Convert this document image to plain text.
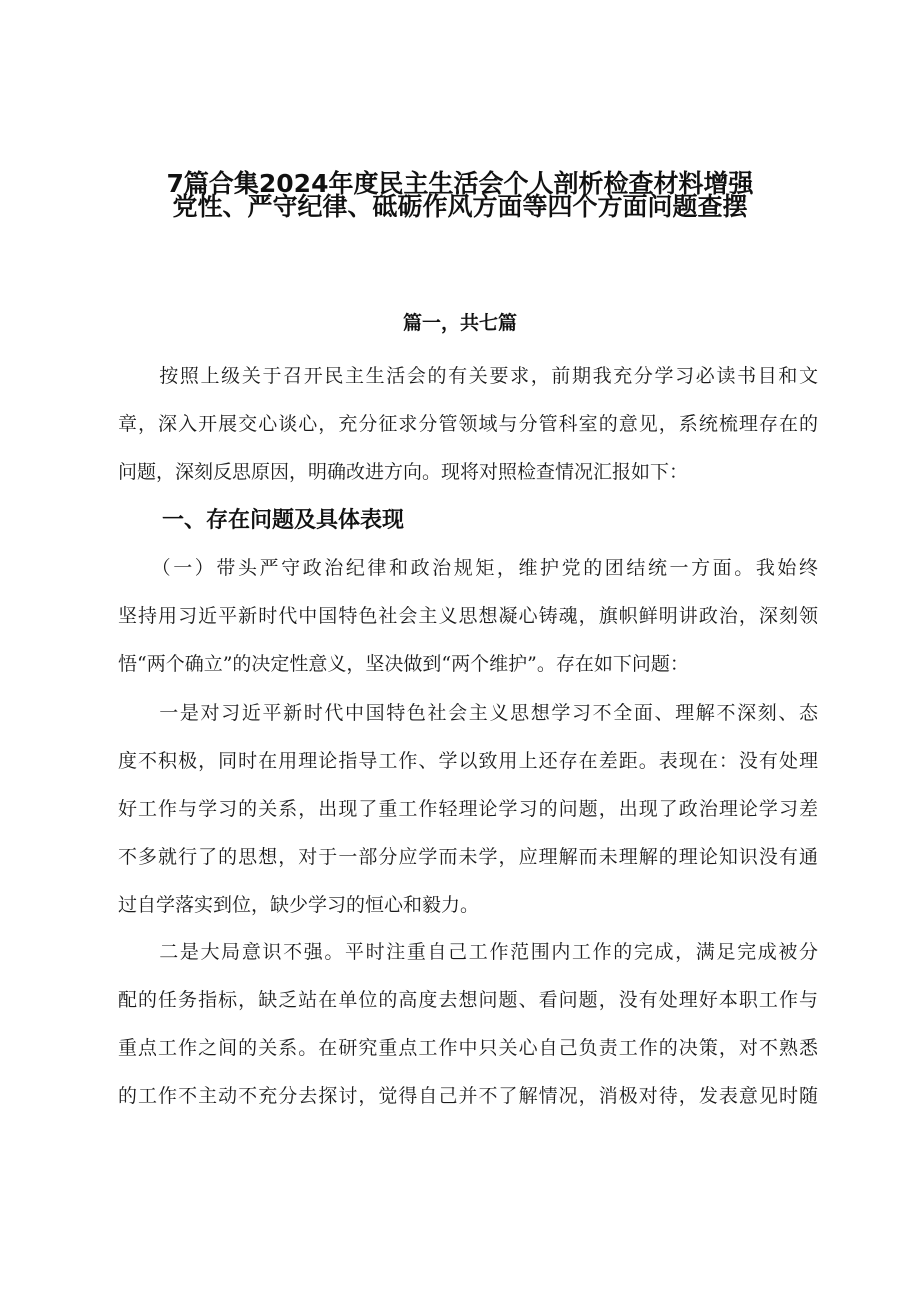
7篇合集2024年度民主生活会个人剖析检查材料增强
党性、严守纪律、砥砺作风方面等四个方面问题查摆
篇一，共七篇
　　按照上级关于召开民主生活会的有关要求，前期我充分学习必读书目和文
章，深入开展交心谈心，充分征求分管领域与分管科室的意见，系统梳理存在的
问题，深刻反思原因，明确改进方向。现将对照检查情况汇报如下：
一、存在问题及具体表现
　　（一）带头严守政治纪律和政治规矩，维护党的团结统一方面。我始终
坚持用习近平新时代中国特色社会主义思想凝心铸魂，旗帜鲜明讲政治，深刻领
悟“两个确立”的决定性意义，坚决做到“两个维护”。存在如下问题：
　　一是对习近平新时代中国特色社会主义思想学习不全面、理解不深刻、态
度不积极，同时在用理论指导工作、学以致用上还存在差距。表现在：没有处理
好工作与学习的关系，出现了重工作轻理论学习的问题，出现了政治理论学习差
不多就行了的思想，对于一部分应学而未学，应理解而未理解的理论知识没有通
过自学落实到位，缺少学习的恒心和毅力。
　　二是大局意识不强。平时注重自己工作范围内工作的完成，满足完成被分
配的任务指标，缺乏站在单位的高度去想问题、看问题，没有处理好本职工作与
重点工作之间的关系。在研究重点工作中只关心自己负责工作的决策，对不熟悉
的工作不主动不充分去探讨，觉得自己并不了解情况，消极对待，发表意见时随
